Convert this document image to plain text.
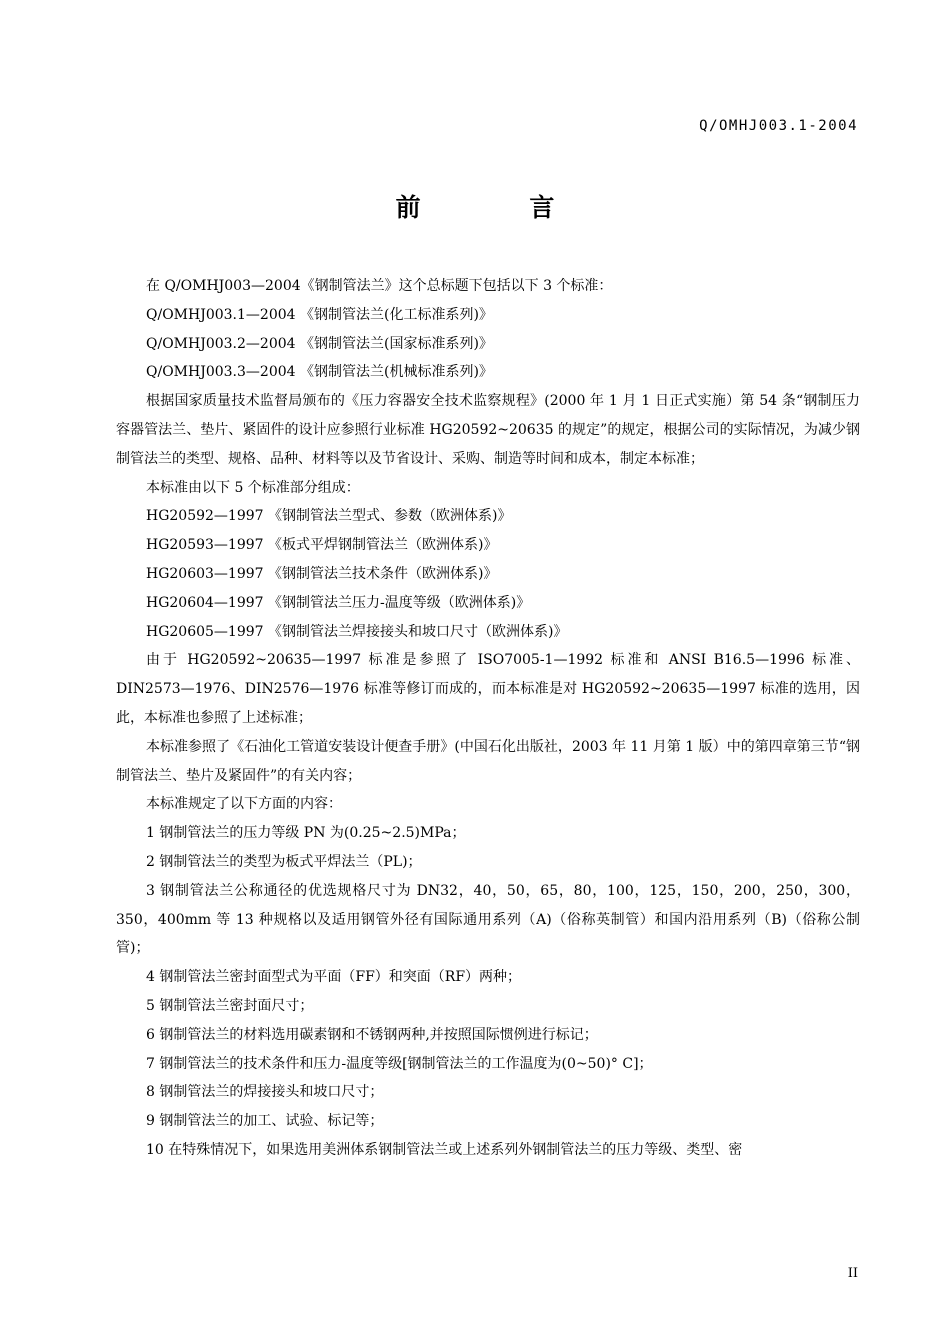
Q/OMHJ003.1-2004
前 言

在 Q/OMHJ003—2004《钢制管法兰》这个总标题下包括以下 3 个标准：

Q/OMHJ003.1—2004 《钢制管法兰(化工标准系列)》

Q/OMHJ003.2—2004 《钢制管法兰(国家标准系列)》

Q/OMHJ003.3—2004 《钢制管法兰(机械标准系列)》

根据国家质量技术监督局颁布的《压力容器安全技术监察规程》(2000 年 1 月 1 日正式实施）第 54 条“钢制压力容器管法兰、垫片、紧固件的设计应参照行业标准 HG20592~20635 的规定”的规定，根据公司的实际情况，为减少钢制管法兰的类型、规格、品种、材料等以及节省设计、采购、制造等时间和成本，制定本标准；

本标准由以下 5 个标准部分组成：

HG20592—1997 《钢制管法兰型式、参数（欧洲体系)》

HG20593—1997 《板式平焊钢制管法兰（欧洲体系)》

HG20603—1997 《钢制管法兰技术条件（欧洲体系)》

HG20604—1997 《钢制管法兰压力-温度等级（欧洲体系)》

HG20605—1997 《钢制管法兰焊接接头和坡口尺寸（欧洲体系)》

由于 HG20592~20635—1997 标准是参照了 ISO7005-1—1992 标准和 ANSI B16.5—1996 标准、DIN2573—1976、DIN2576—1976 标准等修订而成的，而本标准是对 HG20592~20635—1997 标准的选用，因此，本标准也参照了上述标准；

本标准参照了《石油化工管道安装设计便查手册》(中国石化出版社，2003 年 11 月第 1 版）中的第四章第三节“钢制管法兰、垫片及紧固件”的有关内容；

本标准规定了以下方面的内容：

1 钢制管法兰的压力等级 PN 为(0.25~2.5)MPa；

2 钢制管法兰的类型为板式平焊法兰（PL)；

3 钢制管法兰公称通径的优选规格尺寸为 DN32，40，50，65，80，100，125，150，200，250，300，350，400mm 等 13 种规格以及适用钢管外径有国际通用系列（A)（俗称英制管）和国内沿用系列（B)（俗称公制管)；

4 钢制管法兰密封面型式为平面（FF）和突面（RF）两种；

5 钢制管法兰密封面尺寸；

6 钢制管法兰的材料选用碳素钢和不锈钢两种,并按照国际惯例进行标记；

7 钢制管法兰的技术条件和压力-温度等级[钢制管法兰的工作温度为(0~50)° C]；

8 钢制管法兰的焊接接头和坡口尺寸；

9 钢制管法兰的加工、试验、标记等；

10 在特殊情况下，如果选用美洲体系钢制管法兰或上述系列外钢制管法兰的压力等级、类型、密

II
